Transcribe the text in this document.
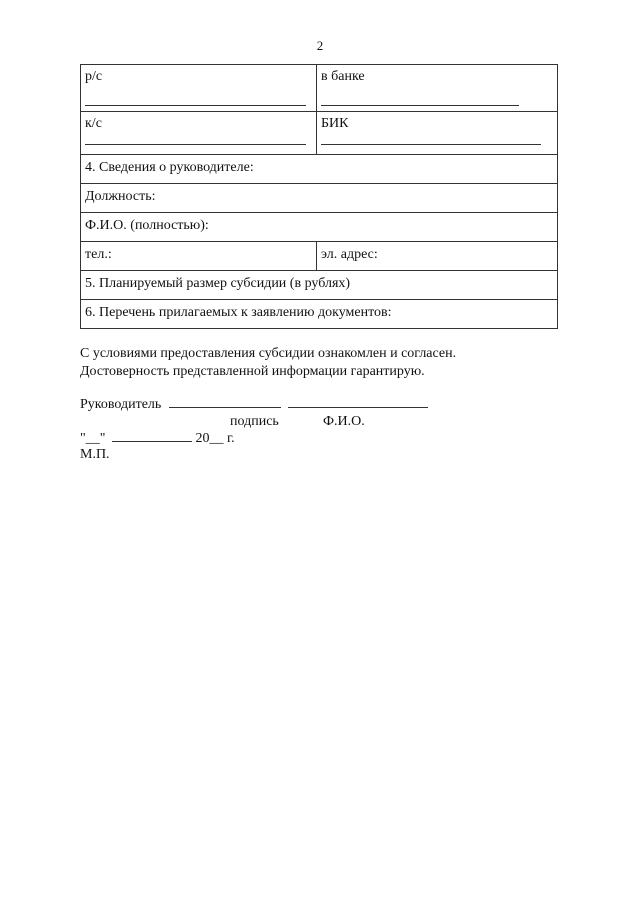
2
р/с	в банке

к/с	БИК

4. Сведения о руководителе:	
Должность:	
Ф.И.О. (полностью):	
тел.:	эл. адрес:
5. Планируемый размер субсидии (в рублях)	
6. Перечень прилагаемых к заявлению документов:	
С условиями предоставления субсидии ознакомлен и согласен.
Достоверность представленной информации гарантирую.
Руководитель
подпись	Ф.И.О.
"__"	20__ г.
М.П.
